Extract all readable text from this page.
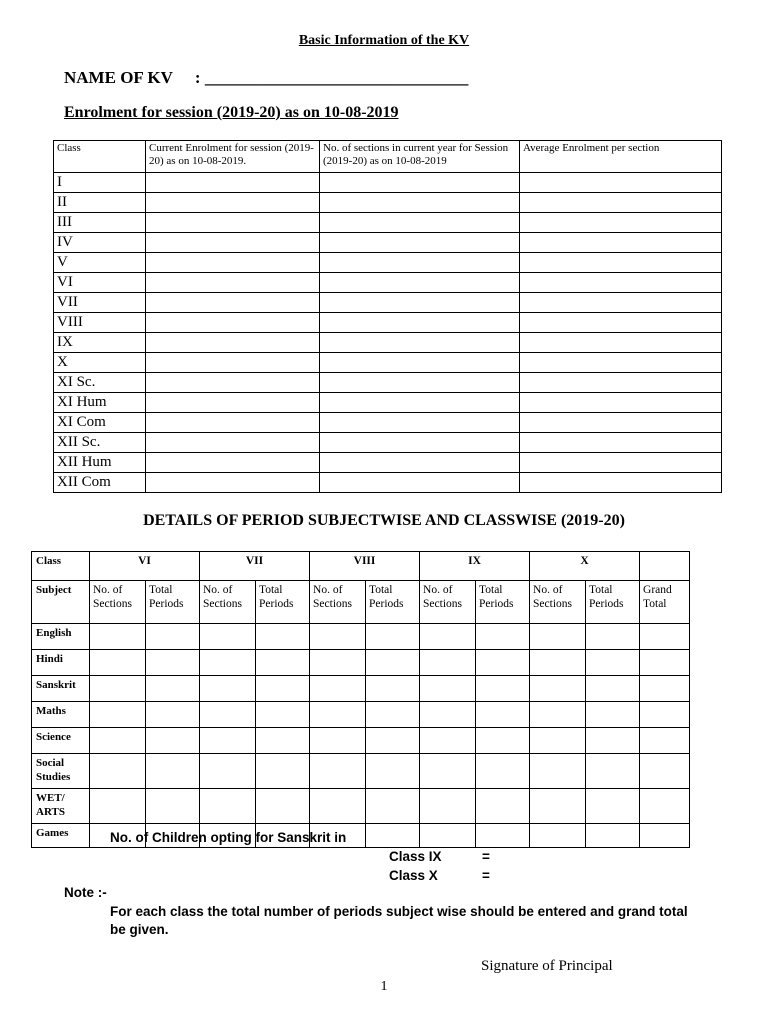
Basic Information of the KV
NAME OF KV : _______________________________
Enrolment for session (2019-20) as on 10-08-2019
Class	Current Enrolment for session (2019-20) as on 10-08-2019.	No. of sections in current year for Session (2019-20) as on 10-08-2019	Average Enrolment per section
I			
II			
III			
IV			
V			
VI			
VII			
VIII			
IX			
X			
XI Sc.			
XI Hum			
XI Com			
XII Sc.			
XII Hum			
XII Com			
DETAILS OF PERIOD SUBJECTWISE AND CLASSWISE (2019-20)
Class	VI		VII		VIII		IX		X		
Subject	No. of Sections	Total Periods	No. of Sections	Total Periods	No. of Sections	Total Periods	No. of Sections	Total Periods	No. of Sections	Total Periods	Grand Total
English											
Hindi											
Sanskrit											
Maths											
Science											
Social Studies											
WET/ ARTS											
Games												No. of Children opting for Sanskrit in
Class IX	=
Class X	=
Note :-
For each class the total number of periods subject wise should be entered and grand total be given.
Signature of Principal
1
